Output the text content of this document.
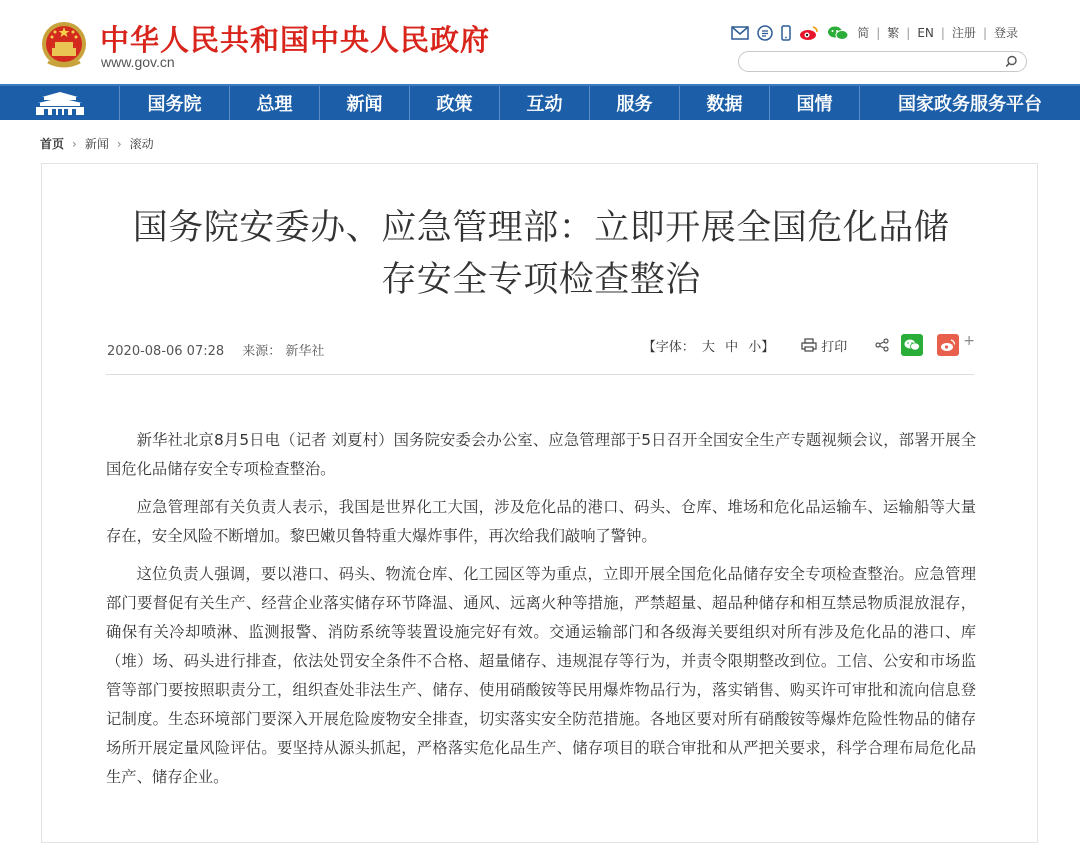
中华人民共和国中央人民政府
www.gov.cn
简 | 繁 | EN | 注册 | 登录
国务院	总理	新闻	政策	互动	服务	数据	国情	国家政务服务平台
首页 › 新闻 › 滚动
国务院安委办、应急管理部：立即开展全国危化品储
存安全专项检查整治
2020-08-06 07:28 来源： 新华社	【字体： 大 中 小】	打印	+

新华社北京8月5日电（记者 刘夏村）国务院安委会办公室、应急管理部于5日召开全国安全生产专题视频会议，部署开展全国危化品储存安全专项检查整治。

应急管理部有关负责人表示，我国是世界化工大国，涉及危化品的港口、码头、仓库、堆场和危化品运输车、运输船等大量存在，安全风险不断增加。黎巴嫩贝鲁特重大爆炸事件，再次给我们敲响了警钟。

这位负责人强调，要以港口、码头、物流仓库、化工园区等为重点，立即开展全国危化品储存安全专项检查整治。应急管理部门要督促有关生产、经营企业落实储存环节降温、通风、远离火种等措施，严禁超量、超品种储存和相互禁忌物质混放混存，确保有关冷却喷淋、监测报警、消防系统等装置设施完好有效。交通运输部门和各级海关要组织对所有涉及危化品的港口、库（堆）场、码头进行排查，依法处罚安全条件不合格、超量储存、违规混存等行为，并责令限期整改到位。工信、公安和市场监管等部门要按照职责分工，组织查处非法生产、储存、使用硝酸铵等民用爆炸物品行为，落实销售、购买许可审批和流向信息登记制度。生态环境部门要深入开展危险废物安全排查，切实落实安全防范措施。各地区要对所有硝酸铵等爆炸危险性物品的储存场所开展定量风险评估。要坚持从源头抓起，严格落实危化品生产、储存项目的联合审批和从严把关要求，科学合理布局危化品生产、储存企业。
